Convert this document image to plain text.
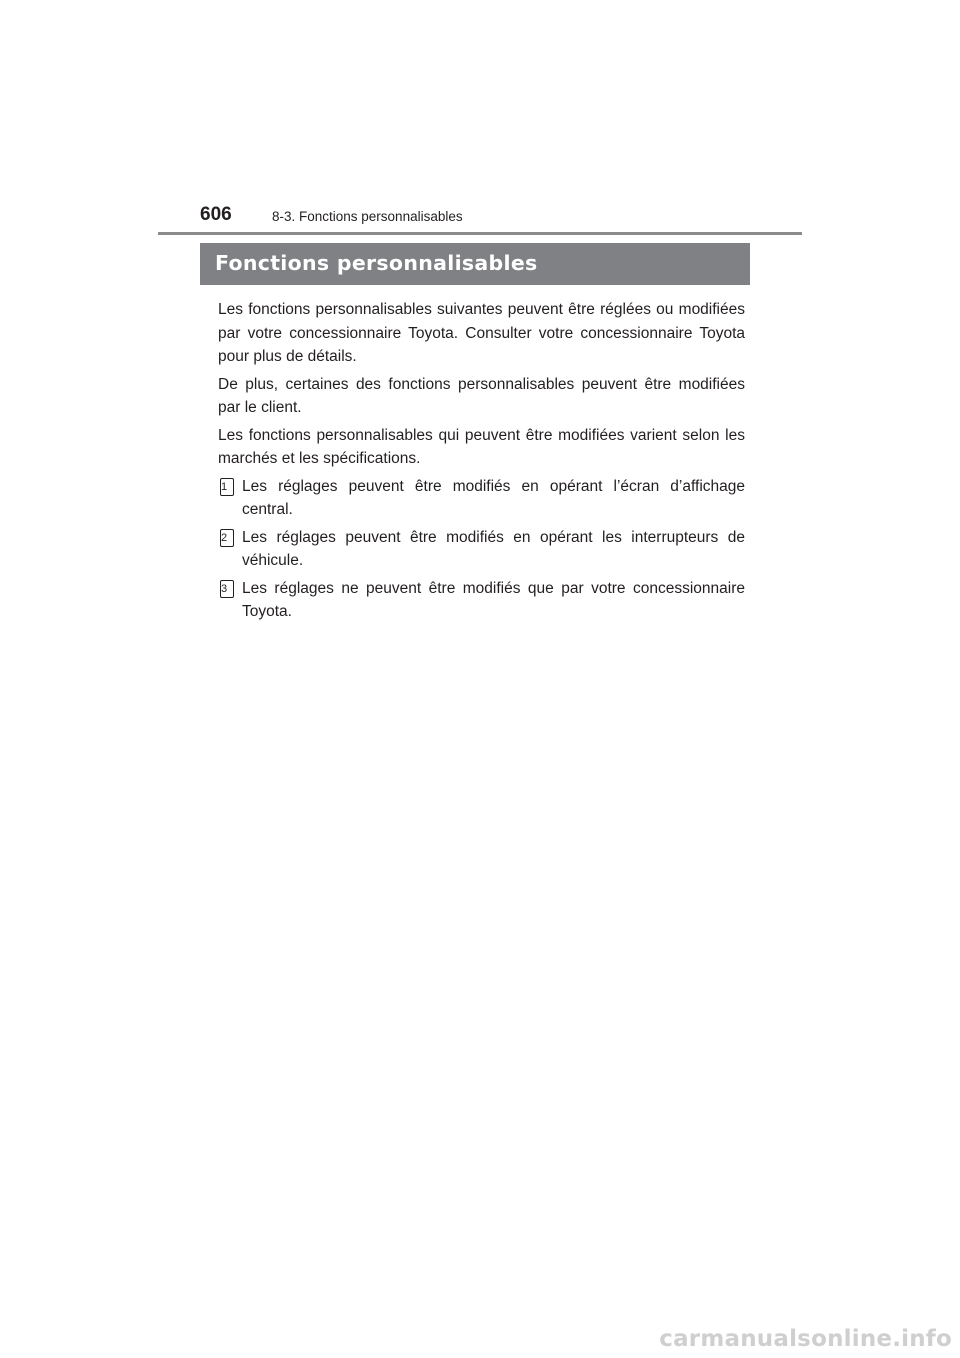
606	8-3. Fonctions personnalisables
Fonctions personnalisables

Les fonctions personnalisables suivantes peuvent être réglées ou modifiées par votre concessionnaire Toyota. Consulter votre concessionnaire Toyota pour plus de détails.

De plus, certaines des fonctions personnalisables peuvent être modifiées par le client.

Les fonctions personnalisables qui peuvent être modifiées varient selon les marchés et les spécifications.

1 Les réglages peuvent être modifiés en opérant l’écran d’affichage central.
2 Les réglages peuvent être modifiés en opérant les interrupteurs de véhicule.
3 Les réglages ne peuvent être modifiés que par votre concessionnaire Toyota.
carmanualsonline.info
